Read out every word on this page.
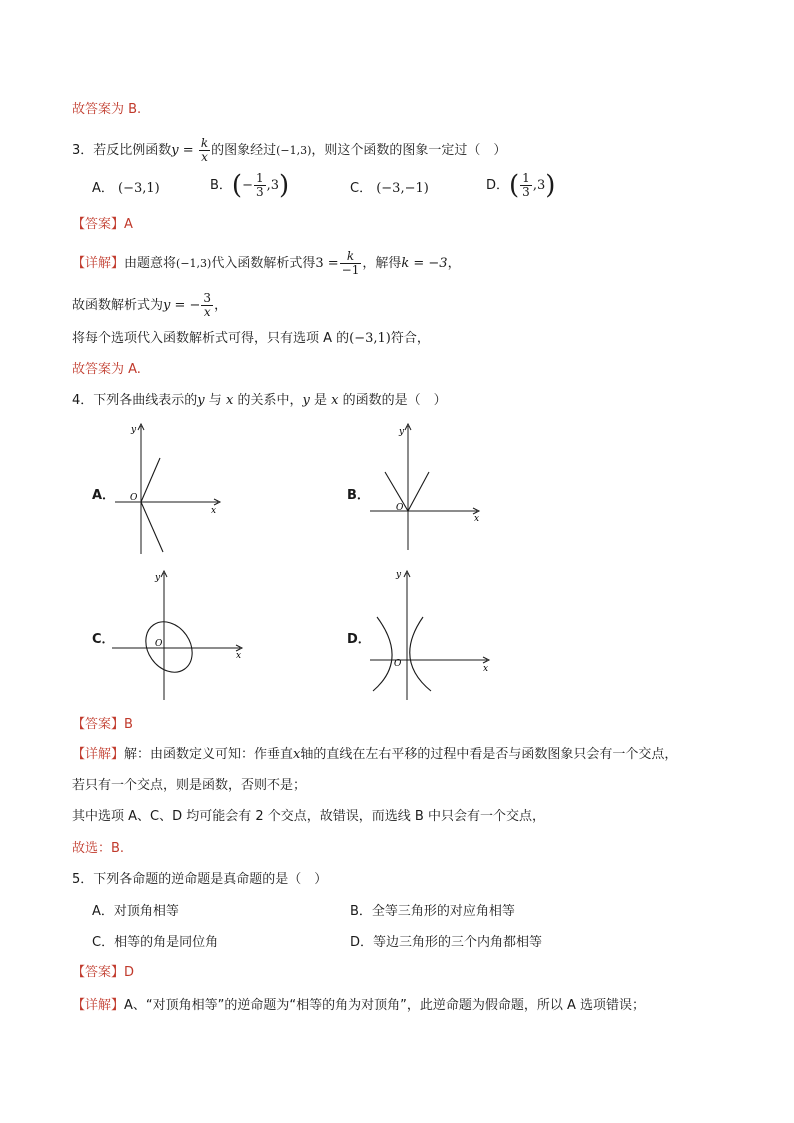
故答案为 B.
3．若反比例函数$y = \frac{k}{x}$ 的图象经过(−1,3)，则这个函数的图象一定过（　）
A． (−3,1)	B．(− $\frac{1}{3} ,3$)	C． (−3,−1)	D．( $\frac{1}{3} ,3$)
【答案】A
【详解】由题意将(−1,3)代入函数解析式得$3 = \frac{k}{-1}$ ，解得k = −3，
故函数解析式为y = − $\frac{3}{x}$ ，
将每个选项代入函数解析式可得，只有选项 A 的(−3,1)符合，
故答案为 A.
4．下列各曲线表示的y 与 x 的关系中，y 是 x 的函数的是（　）
A．
x
y
O	B．
x
y
O
C．
x
y
O	D．
x
y
O
【答案】B
【详解】解：由函数定义可知：作垂直x轴的直线在左右平移的过程中看是否与函数图象只会有一个交点，
若只有一个交点，则是函数，否则不是；
其中选项 A、C、D 均可能会有 2 个交点，故错误，而选线 B 中只会有一个交点，
故选：B.
5．下列各命题的逆命题是真命题的是（　）
A．对顶角相等	B．全等三角形的对应角相等
C．相等的角是同位角	D．等边三角形的三个内角都相等
【答案】D
【详解】A、“对顶角相等”的逆命题为“相等的角为对顶角”，此逆命题为假命题，所以 A 选项错误；
